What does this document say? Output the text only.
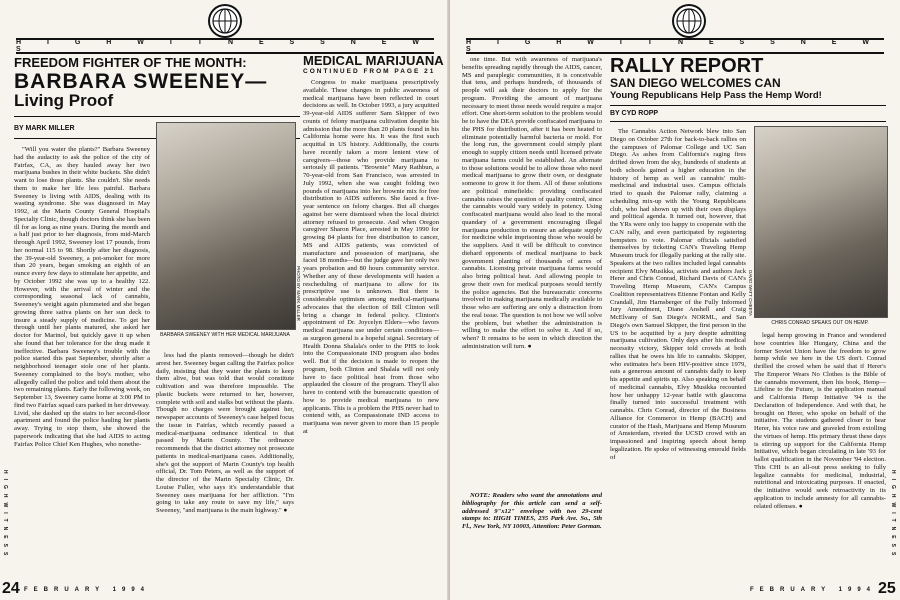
H I G H W I T N E S S N E W S
FREEDOM FIGHTER OF THE MONTH:
BARBARA SWEENEY—
Living Proof
BY MARK MILLER

"Will you water the plants?" Barbara Sweeney had the audacity to ask the police of the city of Fairfax, CA, as they hauled away her two marijuana bushes in their white buckets. She didn't want to lose those plants. She couldn't. She needs them to make her life less painful. Barbara Sweeney is living with AIDS, dealing with its wasting syndrome. She was diagnosed in May 1992, at the Marin County General Hospital's Specialty Clinic, though doctors think she has been ill for as long as nine years. During the month and a half just prior to her diagnosis, from mid-March through April 1992, Sweeney lost 17 pounds, from her normal 115 to 98. Shortly after her diagnosis, the 39-year-old Sweeney, a pot-smoker for more than 20 years, began smoking an eighth of an ounce every few days to stimulate her appetite, and by October 1992 she was up to a healthy 122. However, with the arrival of winter and the corresponding seasonal lack of cannabis, Sweeney's weight again plummeted and she began growing three sativa plants on her sun deck to insure a steady supply of medicine. To get her through until her plants matured, she asked her doctor for Marinol, but quickly gave it up when she found that her tolerance for the drug made it ineffective. Barbara Sweeney's trouble with the police started this past September, shortly after a neighborhood teenager stole one of her plants. Sweeney complained to the boy's mother, who allegedly called the police and told them about the two remaining plants. Early the following week, on September 13, Sweeney came home at 3:00 PM to find two Fairfax squad cars parked in her driveway. Livid, she dashed up the stairs to her second-floor apartment and found the police hauling her plants away. Trying to stop them, she showed the paperwork indicating that she had AIDS to acting Fairfax Police Chief Ken Hughes, who nonethe-

PHOTO BY MARK MILLER
BARBARA SWEENEY WITH HER MEDICAL MARIJUANA

less had the plants removed—though he didn't arrest her. Sweeney began calling the Fairfax police daily, insisting that they water the plants to keep them alive, but was told that would constitute cultivation and was therefore impossible. The plastic buckets were returned to her, however, complete with soil and stalks but without the plants. Though no charges were brought against her, newspaper accounts of Sweeney's case helped focus the issue in Fairfax, which recently passed a medical-marijuana ordinance identical to that passed by Marin County. The ordinance recommends that the district attorney not prosecute patients in medical-marijuana cases. Additionally, she's got the support of Marin County's top health official, Dr. Tom Peters, as well as the support of the director of the Marin Specialty Clinic, Dr. Louise Fuller, who says it's understandable that Sweeney uses marijuana for her affliction. "I'm going to take any route to save my life," says Sweeney, "and marijuana is the main highway." ●

MEDICAL MARIJUANA
CONTINUED FROM PAGE 21

Congress to make marijuana prescriptively available. These changes in public awareness of medical marijuana have been reflected in court decisions as well. In October 1993, a jury acquitted 39-year-old AIDS sufferer Sam Skipper of two counts of felony marijuana cultivation despite his admission that the more than 20 plants found in his California home were his. It was the first such acquittal in US history. Additionally, the courts have recently taken a more lenient view of caregivers—those who provide marijuana to seriously ill patients. "Brownie" Mary Rathbun, a 70-year-old from San Francisco, was arrested in July 1992, when she was caught folding two pounds of marijuana into her brownie mix for free distribution to AIDS sufferers. She faced a five-year sentence on felony charges. But all charges against her were dismissed when the local district attorney refused to prosecute. And when Oregon caregiver Sharon Place, arrested in May 1990 for growing 84 plants for free distribution to cancer, MS and AIDS patients, was convicted of manufacture and possession of marijuana, she faced 18 months—but the judge gave her only two years probation and 80 hours community service. Whether any of these developments will hasten a rescheduling of marijuana to allow for its prescriptive use is unknown. But there is considerable optimism among medical-marijuana advocates that the election of Bill Clinton will bring a change in federal policy. Clinton's appointment of Dr. Joycelyn Elders—who favors medical marijuana use under certain conditions—as surgeon general is a hopeful signal. Secretary of Health Donna Shalala's order to the PHS to look into the Compassionate IND program also bodes well. But if the decision is made to reopen the program, both Clinton and Shalala will not only have to face political heat from those who applauded the closure of the program. They'll also have to contend with the bureaucratic question of how to provide medical marijuana to new applicants. This is a problem the PHS never had to contend with, as Compassionate IND access to marijuana was never given to more than 15 people at

HIGHWITNESS
24 FEBRUARY 1994
H I G H W I T N E S S N E W S

one time. But with awareness of marijuana's benefits spreading rapidly through the AIDS, cancer, MS and paraplegic communities, it is conceivable that tens, and perhaps hundreds, of thousands of people will ask their doctors to apply for the program. Providing the amount of marijuana necessary to meet those needs would require a major effort. One short-term solution to the problem would be to have the DEA provide confiscated marijuana to the PHS for distribution, after it has been heated to eliminate potentially harmful bacteria or mold. For the long run, the government could simply plant enough to supply citizen needs until licensed private marijuana farms could be established. An alternate to those solutions would be to allow those who need medical marijuana to grow their own, or designate someone to grow it for them. All of these solutions are political minefields: providing confiscated cannabis raises the question of quality control, since the cannabis would vary widely in potency. Using confiscated marijuana would also lead to the moral quandary of a government encouraging illegal marijuana production to ensure an adequate supply for medicine while imprisoning those who would be the suppliers. And it will be difficult to convince diehard opponents of medical marijuana to back government planting of thousands of acres of cannabis. Licensing private marijuana farms would also bring political heat. And allowing people to grow their own for medical purposes would terrify the police agencies. But the bureaucratic concerns involved in making marijuana medically available to those who are suffering are only a distraction from the real issue. The question is not how we will solve the problem, but whether the administration is willing to make the effort to solve it. And if so, when? It remains to be seen in which direction the administration will turn. ●

NOTE: Readers who want the annotations and bibliography for this article can send a self-addressed 9"x12" envelope with two 29-cent stamps to: HIGH TIMES, 235 Park Ave. So., 5th Fl., New York, NY 10003, Attention: Peter Gorman.

RALLY REPORT
SAN DIEGO WELCOMES CAN
Young Republicans Help Pass the Hemp Word!
BY CYD ROPP

The Cannabis Action Network blew into San Diego on October 27th for back-to-back rallies on the campuses of Palomar College and UC San Diego. As ashes from California's raging fires drifted down from the sky, hundreds of students at both schools gained a higher education in the history of hemp as well as cannabis' multi-medicinal and industrial uses. Campus officials tried to quash the Palomar rally, claiming a scheduling mix-up with the Young Republicans club, who had shown up with their own displays and political agenda. It turned out, however, that the YRs were only too happy to cooperate with the CAN rally, and even participated by registering hempsters to vote. Palomar officials satisfied themselves by ticketing CAN's Traveling Hemp Museum truck for illegally parking at the rally site. Speakers at the two rallies included legal cannabis recipient Elvy Musikka, activists and authors Jack Herer and Chris Conrad, Richard Davis of CAN's Traveling Hemp Museum, CAN's Campus Coalition representatives Etienne Fontan and Kelly Crandall, Jim Harnsberger of the Fully Informed Jury Amendment, Diane Anshell and Craig McElvany of San Diego's NORML, and San Diego's own Samuel Skipper, the first person in the US to be acquitted by a jury despite admitting marijuana cultivation. Only days after his medical necessity victory, Skipper told crowds at both rallies that he owes his life to cannabis. Skipper, who estimates he's been HIV-positive since 1979, eats a generous amount of cannabis daily to keep his appetite and spirits up. Also speaking on behalf of medicinal cannabis, Elvy Musikka recounted how her unhappy 12-year battle with glaucoma finally turned into successful treatment with cannabis. Chris Conrad, director of the Business Alliance for Commerce in Hemp (BACH) and curator of the Hash, Marijuana and Hemp Museum of Amsterdam, riveted the UCSD crowd with an impassioned and inspiring speech about hemp legalization. He spoke of witnessing emerald fields of

DAVID WATT CHEETA
CHRIS CONRAD SPEAKS OUT ON HEMP.

legal hemp growing in France and wondered how countries like Hungary, China and the former Soviet Union have the freedom to grow hemp while we here in the US don't. Conrad thrilled the crowd when he said that if Herer's The Emperor Wears No Clothes is the Bible of the cannabis movement, then his book, Hemp—Lifeline to the Future, is the application manual and California Hemp Initiative '94 is the Declaration of Independence. And with that, he brought on Herer, who spoke on behalf of the initiative. The students gathered closer to hear Herer, his voice raw and graveled from extolling the virtues of hemp. His primary thrust these days is stirring up support for the California Hemp Initiative, which began circulating in late '93 for ballot qualification in the November '94 election. This CHI is an all-out press seeking to fully legalize cannabis for medicinal, industrial, nutritional and intoxicating purposes. If enacted, the initiative would seek retroactivity in its application to include amnesty for all cannabis-related offenses. ●	HIGHWITNESS
FEBRUARY 1994 25
